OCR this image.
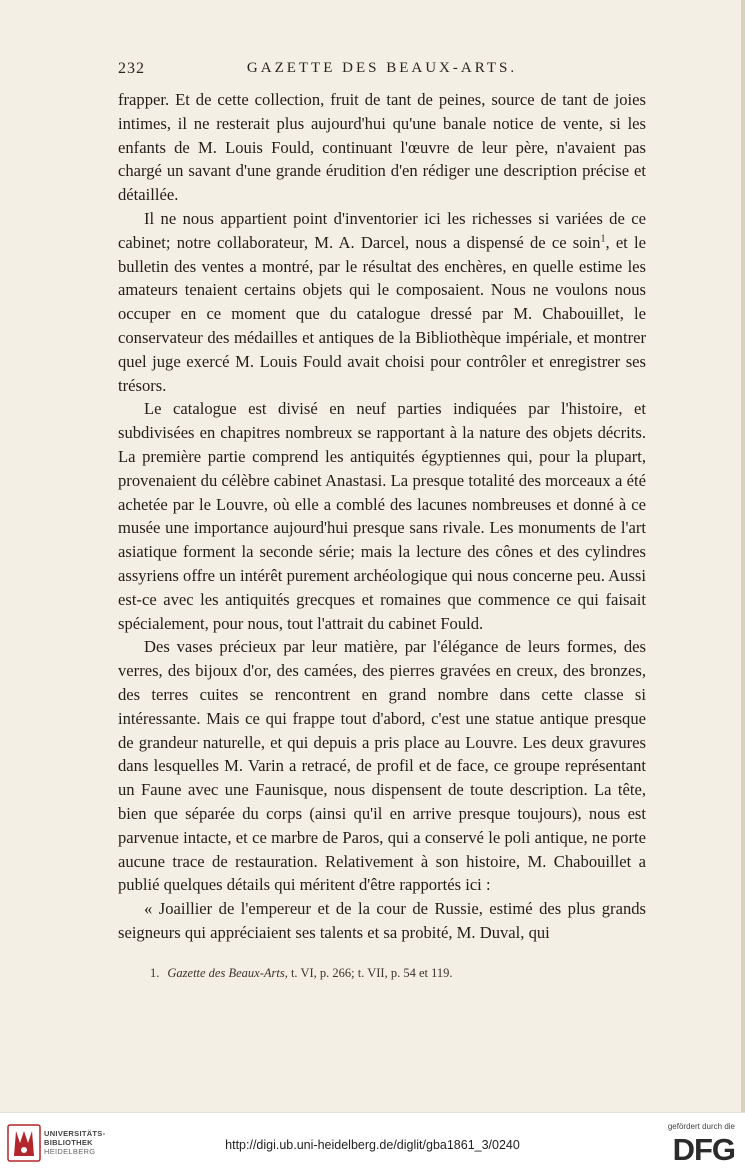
232	GAZETTE DES BEAUX-ARTS.

frapper. Et de cette collection, fruit de tant de peines, source de tant de joies intimes, il ne resterait plus aujourd'hui qu'une banale notice de vente, si les enfants de M. Louis Fould, continuant l'œuvre de leur père, n'avaient pas chargé un savant d'une grande érudition d'en rédiger une description précise et détaillée.

Il ne nous appartient point d'inventorier ici les richesses si variées de ce cabinet; notre collaborateur, M. A. Darcel, nous a dispensé de ce soin$^1$, et le bulletin des ventes a montré, par le résultat des enchères, en quelle estime les amateurs tenaient certains objets qui le composaient. Nous ne voulons nous occuper en ce moment que du catalogue dressé par M. Chabouillet, le conservateur des médailles et antiques de la Bibliothèque impériale, et montrer quel juge exercé M. Louis Fould avait choisi pour contrôler et enregistrer ses trésors.

Le catalogue est divisé en neuf parties indiquées par l'histoire, et subdivisées en chapitres nombreux se rapportant à la nature des objets décrits. La première partie comprend les antiquités égyptiennes qui, pour la plupart, provenaient du célèbre cabinet Anastasi. La presque totalité des morceaux a été achetée par le Louvre, où elle a comblé des lacunes nombreuses et donné à ce musée une importance aujourd'hui presque sans rivale. Les monuments de l'art asiatique forment la seconde série; mais la lecture des cônes et des cylindres assyriens offre un intérêt purement archéologique qui nous concerne peu. Aussi est-ce avec les antiquités grecques et romaines que commence ce qui faisait spécialement, pour nous, tout l'attrait du cabinet Fould.

Des vases précieux par leur matière, par l'élégance de leurs formes, des verres, des bijoux d'or, des camées, des pierres gravées en creux, des bronzes, des terres cuites se rencontrent en grand nombre dans cette classe si intéressante. Mais ce qui frappe tout d'abord, c'est une statue antique presque de grandeur naturelle, et qui depuis a pris place au Louvre. Les deux gravures dans lesquelles M. Varin a retracé, de profil et de face, ce groupe représentant un Faune avec une Faunisque, nous dispensent de toute description. La tête, bien que séparée du corps (ainsi qu'il en arrive presque toujours), nous est parvenue intacte, et ce marbre de Paros, qui a conservé le poli antique, ne porte aucune trace de restauration. Relativement à son histoire, M. Chabouillet a publié quelques détails qui méritent d'être rapportés ici :

« Joaillier de l'empereur et de la cour de Russie, estimé des plus grands seigneurs qui appréciaient ses talents et sa probité, M. Duval, qui

1. Gazette des Beaux-Arts, t. VI, p. 266; t. VII, p. 54 et 119.
UNIVERSITÄTS-
BIBLIOTHEK
HEIDELBERG	http://digi.ub.uni-heidelberg.de/diglit/gba1861_3/0240
gefördert durch die
DFG
